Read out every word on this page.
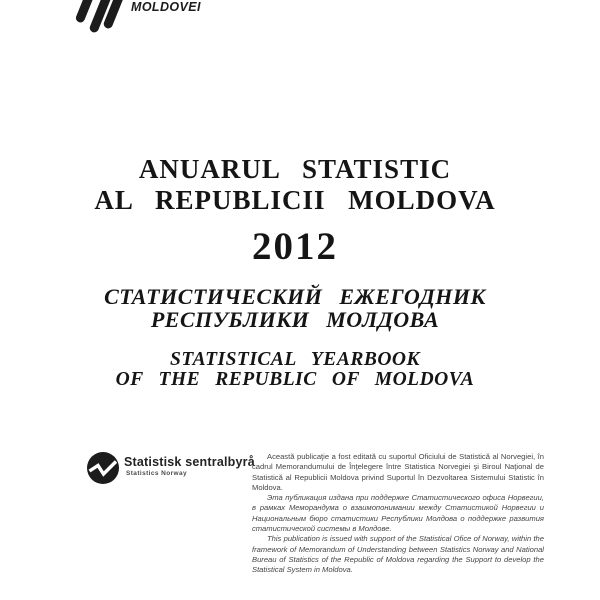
MOLDOVEI
ANUARUL STATISTIC
AL REPUBLICII MOLDOVA
2012
СТАТИСТИЧЕСКИЙ ЕЖЕГОДНИК
РЕСПУБЛИКИ МОЛДОВА
STATISTICAL YEARBOOK
OF THE REPUBLIC OF MOLDOVA
Statistisk sentralbyrå
Statistics Norway

Această publicaţie a fost editată cu suportul Oficiului de Statistică al Norvegiei, în cadrul Memorandumului de Înţelegere între Statistica Norvegiei şi Biroul Naţional de Statistică al Republicii Moldova privind Suportul în Dezvoltarea Sistemului Statistic în Moldova.

Эта публикация издана при поддержке Статистического офиса Норвегии, в рамках Меморандума о взаимопонимании между Статистикой Норвегии и Национальным бюро статистики Республики Молдова о поддержке развития статистической системы в Молдове.

This publication is issued with support of the Statistical Ofice of Norway, within the framework of Memorandum of Understanding between Statistics Norway and National Bureau of Statistics of the Republic of Moldova regarding the Support to develop the Statistical System in Moldova.
